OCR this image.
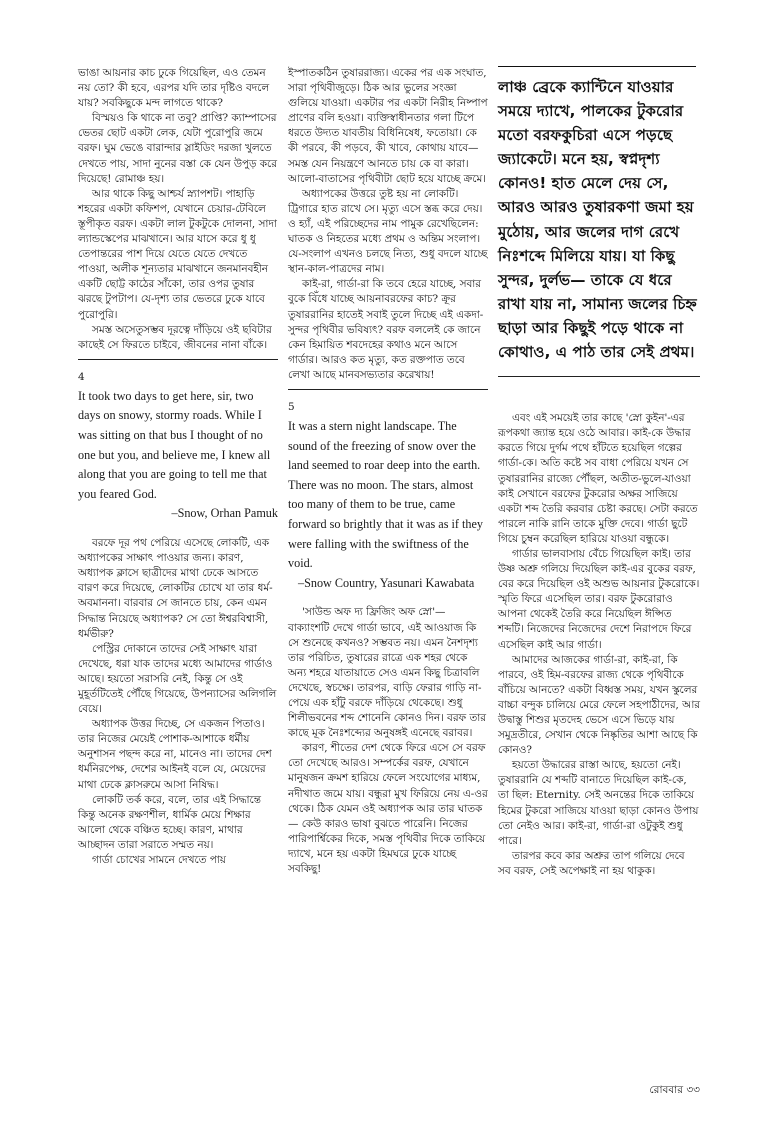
ভাঙা আয়নার কাচ ঢুকে গিয়েছিল, এও তেমন নয় তো? কী হবে, এরপর যদি তার দৃষ্টিও বদলে যায়? সবকিছুকে মন্দ লাগতে থাকে?

বিস্ময়ও কি থাকে না তবু? প্রাপ্তি? ক্যাম্পাসের ভেতর ছোট একটা লেক, যেটা পুরোপুরি জমে বরফ। ঘুম ভেঙে বারান্দার স্লাইডিং দরজা খুলতে দেখতে পায়, সাদা নুনের বস্তা কে যেন উপুড় করে দিয়েছে! রোমাঞ্চ হয়।

আর থাকে কিছু আশ্চর্য স্ন্যাপশট। পাহাড়ি শহরের একটা কফিশপ, যেখানে চেয়ার-টেবিলে স্তূপীকৃত বরফ। একটা লাল টুকটুকে দোলনা, সাদা ল্যান্ডস্কেপের মাঝখানে। আর যাসে করে ধু ধু তেপান্তরের পাশ দিয়ে যেতে যেতে দেখতে পাওয়া, অলীক শূন্যতার মাঝখানে জনমানবহীন একটি ছোট্ট কাঠের সাঁকো, তার ওপর তুষার ঝরছে টুপটাপ। যে-দৃশ্য তার ভেতরে ঢুকে যাবে পুরোপুরি।

সমস্ত অসেতুসম্ভব দূরত্বে দাঁড়িয়ে ওই ছবিটার কাছেই সে ফিরতে চাইবে, জীবনের নানা বাঁকে।

4

It took two days to get here, sir, two days on snowy, stormy roads. While I was sitting on that bus I thought of no one but you, and believe me, I knew all along that you are going to tell me that you feared God.

–Snow, Orhan Pamuk

বরফে দূর পথ পেরিয়ে এসেছে লোকটি, এক অধ্যাপকের সাক্ষাৎ পাওয়ার জন্য। কারণ, অধ্যাপক ক্লাসে ছাত্রীদের মাথা ঢেকে আসতে বারণ করে দিয়েছে, লোকটির চোখে যা তার ধর্ম-অবমাননা। বারবার সে জানতে চায়, কেন এমন সিদ্ধান্ত নিয়েছে অধ্যাপক? সে তো ঈশ্বরবিশ্বাসী, ধর্মভীরু?

পেস্ট্রির দোকানে তাদের সেই সাক্ষাৎ যারা দেখেছে, ধরা যাক তাদের মধ্যে আমাদের গার্ডাও আছে। হয়তো সরাসরি নেই, কিন্তু সে ওই মুহূর্তটিতেই পৌঁছে গিয়েছে, উপন্যাসের অলিগলি বেয়ে।

অধ্যাপক উত্তর দিচ্ছে, সে একজন পিতাও। তার নিজের মেয়েই পোশাক-আশাকে ধর্মীয় অনুশাসন পছন্দ করে না, মানেও না। তাদের দেশ ধর্মনিরপেক্ষ, দেশের আইনই বলে যে, মেয়েদের মাথা ঢেকে ক্লাসরুমে আসা নিষিদ্ধ।

লোকটি তর্ক করে, বলে, তার এই সিদ্ধান্তে কিন্তু অনেক রক্ষণশীল, ধার্মিক মেয়ে শিক্ষার আলো থেকে বঞ্চিত হচ্ছে। কারণ, মাথার আচ্ছাদন তারা সরাতে সম্মত নয়।

গার্ডা চোখের সামনে দেখতে পায়

ইস্পাতকঠিন তুষাররাজ্য। একের পর এক সংঘাত, সারা পৃথিবীজুড়ে। ঠিক আর ভুলের সংজ্ঞা গুলিয়ে যাওয়া। একটার পর একটা নিরীহ নিষ্পাপ প্রাণের বলি হওয়া। ব্যক্তিস্বাধীনতার গলা টিপে ধরতে উদ্যত যাবতীয় বিধিনিষেধ, ফতোয়া। কে কী পরবে, কী পড়বে, কী খাবে, কোথায় যাবে— সমস্ত যেন নিয়ন্ত্রণে আনতে চায় কে বা কারা। আলো-বাতাসের পৃথিবীটা ছোট হয়ে যাচ্ছে ক্রমে।

অধ্যাপকের উত্তরে তুষ্ট হয় না লোকটি। ট্রিগারে হাত রাখে সে। মৃত্যু এসে স্তব্ধ করে দেয়। ও হ্যাঁ, এই পরিচ্ছেদের নাম পামুক রেখেছিলেন: ঘাতক ও নিহতের মধ্যে প্রথম ও অন্তিম সংলাপ। যে-সংলাপ এখনও চলছে নিত্য, শুধু বদলে যাচ্ছে স্থান-কাল-পাত্রদের নাম।

কাই-রা, গার্ডা-রা কি তবে হেরে যাচ্ছে, সবার বুকে বিঁধে যাচ্ছে আয়নাবরফের কাচ? ক্রূর তুষাররানির হাতেই সবাই তুলে দিচ্ছে এই একদা-সুন্দর পৃথিবীর ভবিষ্যৎ? বরফ বললেই কে জানে কেন হিমায়িত শবদেহের কথাও মনে আসে গার্ডার। আরও কত মৃত্যু, কত রক্তপাত তবে লেখা আছে মানবসভ্যতার করেখায়!

5

It was a stern night landscape. The sound of the freezing of snow over the land seemed to roar deep into the earth. There was no moon. The stars, almost too many of them to be true, came forward so brightly that it was as if they were falling with the swiftness of the void.

–Snow Country, Yasunari Kawabata

'সাউন্ড অফ দ্য ফ্রিজিং অফ স্নো'— বাক্যাংশটি দেখে গার্ডা ভাবে, এই আওয়াজ কি সে শুনেছে কখনও? সম্ভবত নয়। এমন নৈশদৃশ্য তার পরিচিত, তুষারের রাত্রে এক শহর থেকে অন্য শহরে যাতায়াতে সেও এমন কিছু চিত্রাবলি দেখেছে, স্বচক্ষে। তারপর, বাড়ি ফেরার গাড়ি না-পেয়ে এক হাঁটু বরফে দাঁড়িয়ে থেকেছে। শুধু শিলীভবনের শব্দ শোনেনি কোনও দিন। বরফ তার কাছে মূক নৈঃশব্দ্যের অনুষঙ্গই এনেছে বরাবর।

কারণ, শীতের দেশ থেকে ফিরে এসে সে বরফ তো দেখেছে আরও। সম্পর্কের বরফ, যেখানে মানুষজন ক্রমশ হারিয়ে ফেলে সংযোগের মাধ্যম, নদীখাত জমে যায়। বন্ধুরা মুখ ফিরিয়ে নেয় এ-ওর থেকে। ঠিক যেমন ওই অধ্যাপক আর তার ঘাতক— কেউ কারও ভাষা বুঝতে পারেনি। নিজের পারিপার্শ্বিকের দিকে, সমস্ত পৃথিবীর দিকে তাকিয়ে দ্যাখে, মনে হয় একটা হিমঘরে ঢুকে যাচ্ছে সবকিছু!

লাঞ্চ ব্রেকে ক্যান্টিনে যাওয়ার সময়ে দ্যাখে, পালকের টুকরোর মতো বরফকুচিরা এসে পড়ছে জ্যাকেটে। মনে হয়, স্বপ্নদৃশ্য কোনও! হাত মেলে দেয় সে, আরও আরও তুষারকণা জমা হয় মুঠোয়, আর জলের দাগ রেখে নিঃশব্দে মিলিয়ে যায়। যা কিছু সুন্দর, দুর্লভ— তাকে যে ধরে রাখা যায় না, সামান্য জলের চিহ্ন ছাড়া আর কিছুই পড়ে থাকে না কোথাও, এ পাঠ তার সেই প্রথম।

এবং এই সময়েই তার কাছে 'স্নো কুইন'-এর রূপকথা জ্যান্ত হয়ে ওঠে আবার। কাই-কে উদ্ধার করতে গিয়ে দুর্গম পথে হাঁটতে হয়েছিল গল্পের গার্ডা-কে। অতি কষ্টে সব বাধা পেরিয়ে যখন সে তুষাররানির রাজ্যে পৌঁছল, অতীত-ভুলে-যাওয়া কাই সেখানে বরফের টুকরোর অক্ষর সাজিয়ে একটা শব্দ তৈরি করবার চেষ্টা করছে। সেটা করতে পারলে নাকি রানি তাকে মুক্তি দেবে। গার্ডা ছুটে গিয়ে চুম্বন করেছিল হারিয়ে যাওয়া বন্ধুকে।

গার্ডার ভালবাসায় বেঁচে গিয়েছিল কাই। তার উষ্ণ অশ্রু গলিয়ে দিয়েছিল কাই-এর বুকের বরফ, বের করে দিয়েছিল ওই অশুভ আয়নার টুকরোকে। স্মৃতি ফিরে এসেছিল তার। বরফ টুকরোরাও আপনা থেকেই তৈরি করে নিয়েছিল ঈপ্সিত শব্দটি। নিজেদের নিজেদের দেশে নিরাপদে ফিরে এসেছিল কাই আর গার্ডা।

আমাদের আজকের গার্ডা-রা, কাই-রা, কি পারবে, ওই হিম-বরফের রাজ্য থেকে পৃথিবীকে বাঁচিয়ে আনতে? একটা বিধ্বস্ত সময়, যখন স্কুলের বাচ্চা বন্দুক চালিয়ে মেরে ফেলে সহপাঠীদের, আর উদ্বাস্তু শিশুর মৃতদেহ ভেসে এসে ভিড়ে যায় সমুদ্রতীরে, সেখান থেকে নিষ্কৃতির আশা আছে কি কোনও?

হয়তো উদ্ধারের রাস্তা আছে, হয়তো নেই। তুষাররানি যে শব্দটি বানাতে দিয়েছিল কাই-কে, তা ছিল: Eternity. সেই অনন্তের দিকে তাকিয়ে হিমের টুকরো সাজিয়ে যাওয়া ছাড়া কোনও উপায় তো নেইও আর। কাই-রা, গার্ডা-রা ওটুকুই শুধু পারে।

তারপর কবে কার অশ্রুর তাপ গলিয়ে দেবে সব বরফ, সেই অপেক্ষাই না হয় থাকুক।

রোববার ৩৩
